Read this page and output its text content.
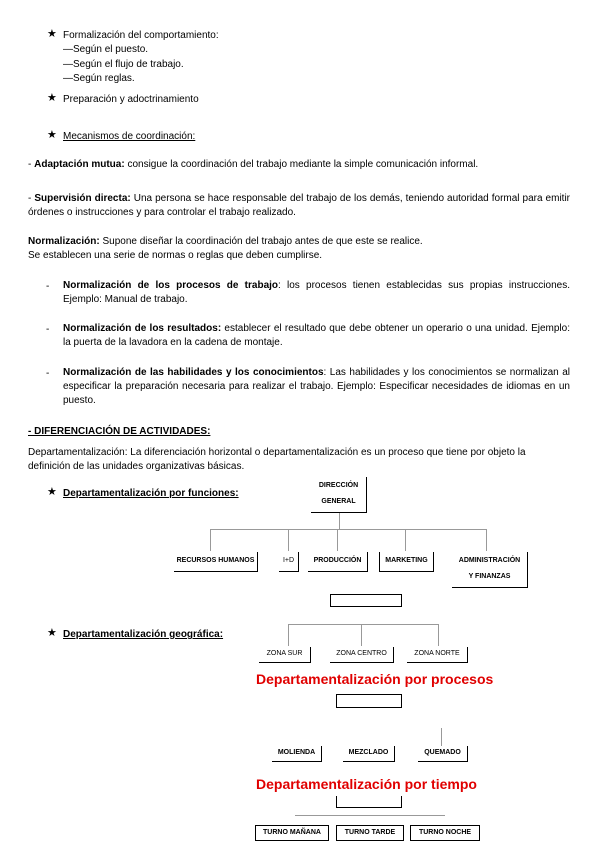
★ Formalización del comportamiento:
—Según el puesto.
—Según el flujo de trabajo.
—Según reglas.
★ Preparación y adoctrinamiento
★ Mecanismos de coordinación:
- Adaptación mutua: consigue la coordinación del trabajo mediante la simple comunicación informal.
- Supervisión directa: Una persona se hace responsable del trabajo de los demás, teniendo autoridad formal para emitir órdenes o instrucciones y para controlar el trabajo realizado.
Normalización: Supone diseñar la coordinación del trabajo antes de que este se realice.
Se establecen una serie de normas o reglas que deben cumplirse.
- Normalización de los procesos de trabajo: los procesos tienen establecidas sus propias instrucciones. Ejemplo: Manual de trabajo.
- Normalización de los resultados: establecer el resultado que debe obtener un operario o una unidad. Ejemplo: la puerta de la lavadora en la cadena de montaje.
- Normalización de las habilidades y los conocimientos: Las habilidades y los conocimientos se normalizan al especificar la preparación necesaria para realizar el trabajo. Ejemplo: Especificar necesidades de idiomas en un puesto.
- DIFERENCIACIÓN DE ACTIVIDADES:
Departamentalización: La diferenciación horizontal o departamentalización es un proceso que tiene por objeto la definición de las unidades organizativas básicas.
★ Departamentalización por funciones:
DIRECCIÓN
GENERAL
RECURSOS HUMANOS	I+D	PRODUCCIÓN	MARKETING	ADMINISTRACIÓN
Y FINANZAS
★ Departamentalización geográfica:
ZONA SUR	ZONA CENTRO	ZONA NORTE
Departamentalización por procesos
MOLIENDA	MEZCLADO	QUEMADO
Departamentalización por tiempo
TURNO MAÑANA	TURNO TARDE	TURNO NOCHE
